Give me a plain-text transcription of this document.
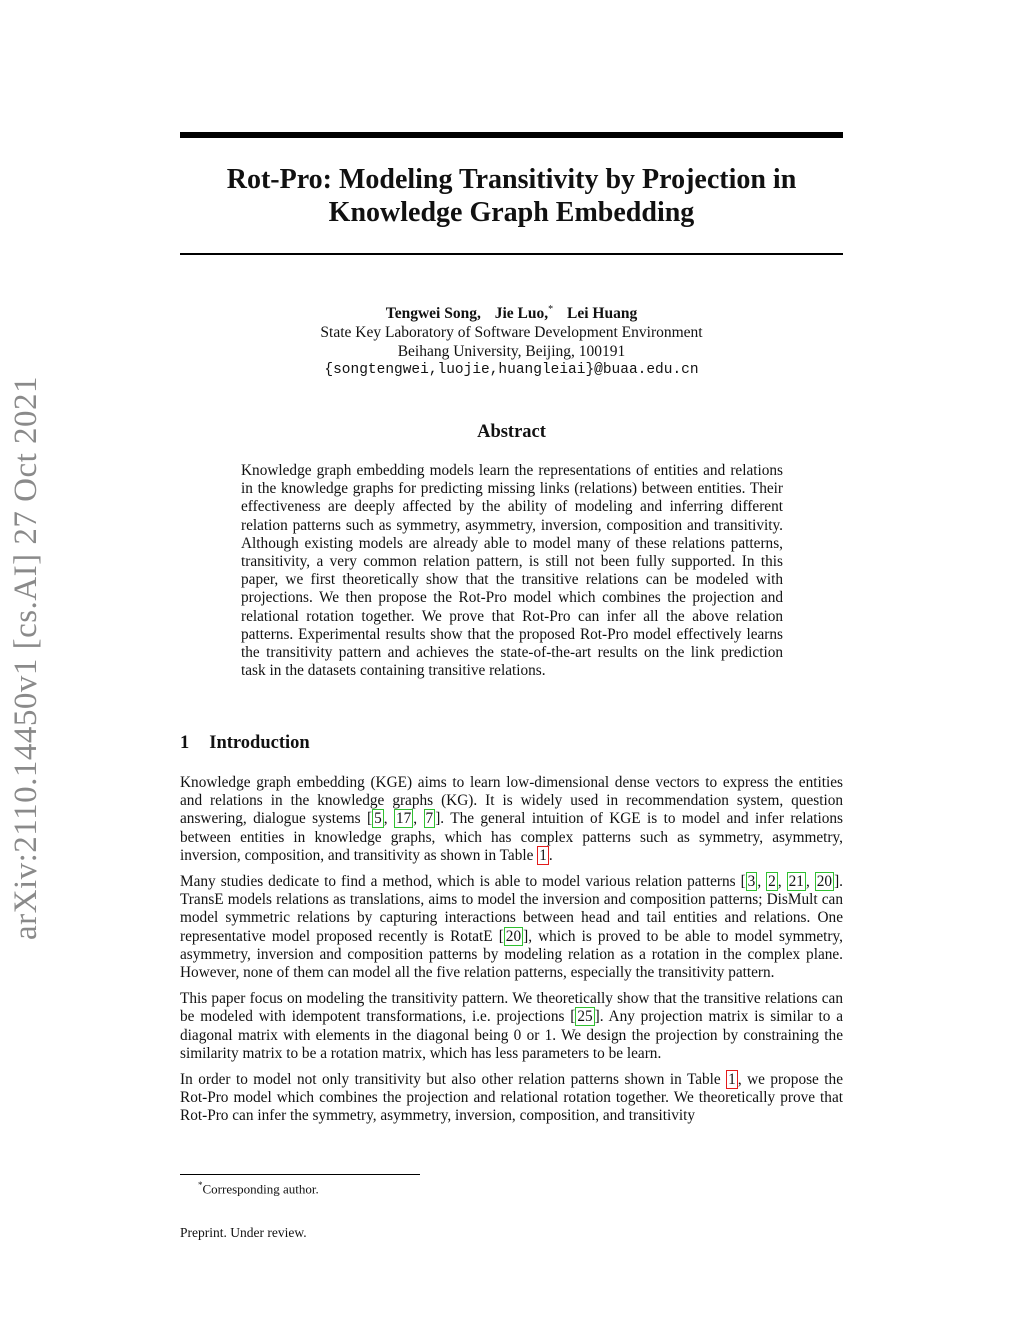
arXiv:2110.14450v1 [cs.AI] 27 Oct 2021
Rot-Pro: Modeling Transitivity by Projection in Knowledge Graph Embedding
Tengwei Song, Jie Luo,* Lei Huang
State Key Laboratory of Software Development Environment
Beihang University, Beijing, 100191
{songtengwei,luojie,huangleiai}@buaa.edu.cn
Abstract
Knowledge graph embedding models learn the representations of entities and relations in the knowledge graphs for predicting missing links (relations) between entities. Their effectiveness are deeply affected by the ability of modeling and inferring different relation patterns such as symmetry, asymmetry, inversion, composition and transitivity. Although existing models are already able to model many of these relations patterns, transitivity, a very common relation pattern, is still not been fully supported. In this paper, we first theoretically show that the transitive relations can be modeled with projections. We then propose the Rot-Pro model which combines the projection and relational rotation together. We prove that Rot-Pro can infer all the above relation patterns. Experimental results show that the proposed Rot-Pro model effectively learns the transitivity pattern and achieves the state-of-the-art results on the link prediction task in the datasets containing transitive relations.
1 Introduction

Knowledge graph embedding (KGE) aims to learn low-dimensional dense vectors to express the entities and relations in the knowledge graphs (KG). It is widely used in recommendation system, question answering, dialogue systems [ 5 , 17 , 7 ]. The general intuition of KGE is to model and infer relations between entities in knowledge graphs, which has complex patterns such as symmetry, asymmetry, inversion, composition, and transitivity as shown in Table 1 .

Many studies dedicate to find a method, which is able to model various relation patterns [ 3 , 2 , 21 , 20 ]. TransE models relations as translations, aims to model the inversion and composition patterns; DisMult can model symmetric relations by capturing interactions between head and tail entities and relations. One representative model proposed recently is RotatE [ 20 ], which is proved to be able to model symmetry, asymmetry, inversion and composition patterns by modeling relation as a rotation in the complex plane. However, none of them can model all the five relation patterns, especially the transitivity pattern.

This paper focus on modeling the transitivity pattern. We theoretically show that the transitive relations can be modeled with idempotent transformations, i.e. projections [ 25 ]. Any projection matrix is similar to a diagonal matrix with elements in the diagonal being 0 or 1. We design the projection by constraining the similarity matrix to be a rotation matrix, which has less parameters to be learn.

In order to model not only transitivity but also other relation patterns shown in Table 1 , we propose the Rot-Pro model which combines the projection and relational rotation together. We theoretically prove that Rot-Pro can infer the symmetry, asymmetry, inversion, composition, and transitivity

*Corresponding author.
Preprint. Under review.
